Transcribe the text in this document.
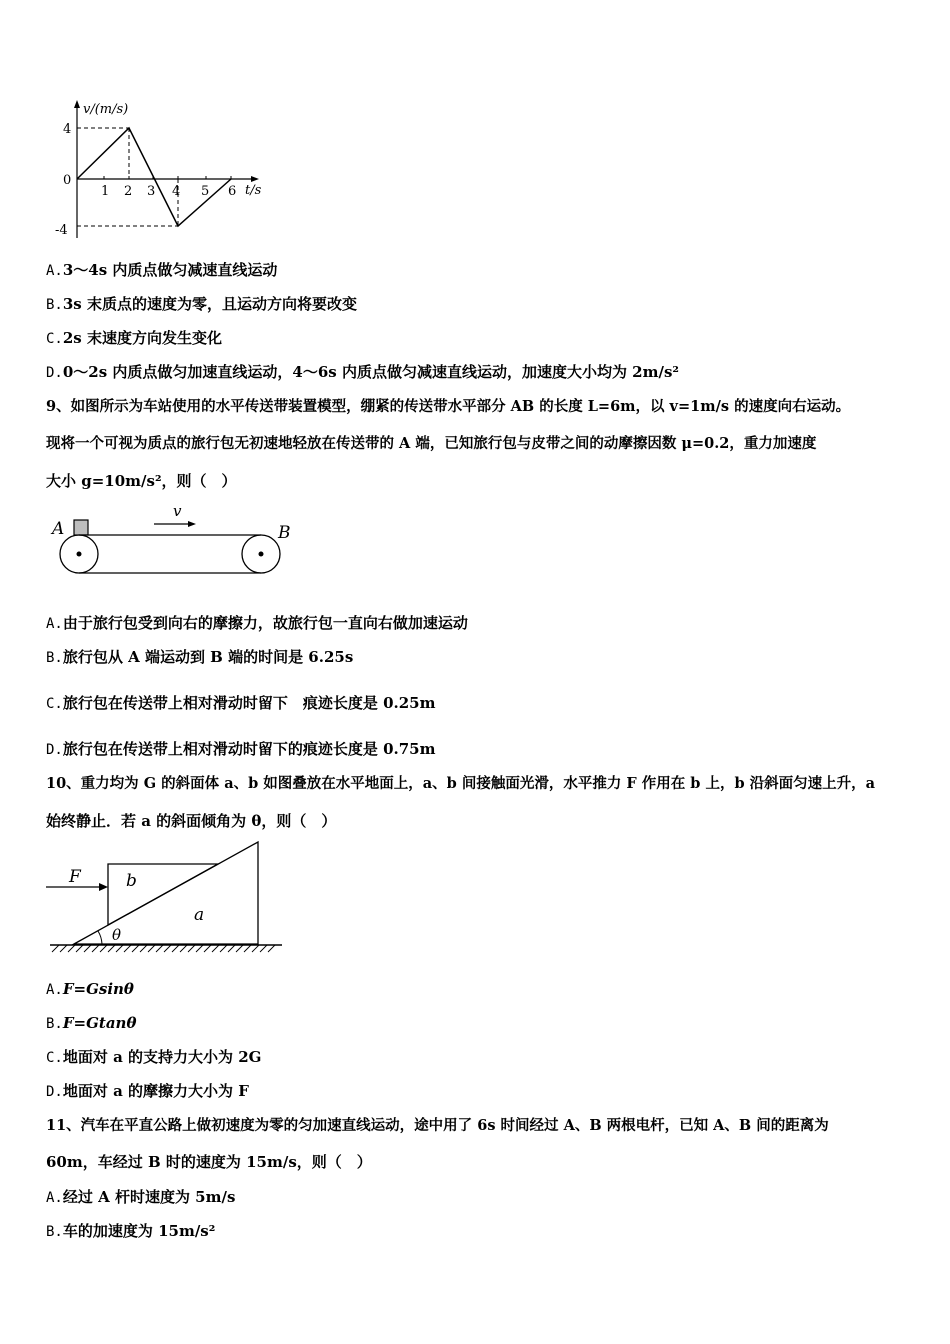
v/(m/s)
t/s
4
0
-4
1 2 3 4 5 6
A.3～4s 内质点做匀减速直线运动
B.3s 末质点的速度为零，且运动方向将要改变
C.2s 末速度方向发生变化
D.0～2s 内质点做匀加速直线运动，4～6s 内质点做匀减速直线运动，加速度大小均为 2m/s²
9、如图所示为车站使用的水平传送带装置模型，绷紧的传送带水平部分 AB 的长度 L=6m，以 v=1m/s 的速度向右运动。
现将一个可视为质点的旅行包无初速地轻放在传送带的 A 端，已知旅行包与皮带之间的动摩擦因数 μ=0.2，重力加速度
大小 g=10m/s²，则（　）
A	B
v
A.由于旅行包受到向右的摩擦力，故旅行包一直向右做加速运动
B.旅行包从 A 端运动到 B 端的时间是 6.25s
C.旅行包在传送带上相对滑动时留下　痕迹长度是 0.25m
D.旅行包在传送带上相对滑动时留下的痕迹长度是 0.75m
10、重力均为 G 的斜面体 a、b 如图叠放在水平地面上，a、b 间接触面光滑，水平推力 F 作用在 b 上，b 沿斜面匀速上升，a
始终静止．若 a 的斜面倾角为 θ，则（　）
F	b
a
θ
A.F=Gsinθ
B.F=Gtanθ
C.地面对 a 的支持力大小为 2G
D.地面对 a 的摩擦力大小为 F
11、汽车在平直公路上做初速度为零的匀加速直线运动，途中用了 6s 时间经过 A、B 两根电杆，已知 A、B 间的距离为
60m，车经过 B 时的速度为 15m/s，则（　）
A.经过 A 杆时速度为 5m/s
B.车的加速度为 15m/s²
